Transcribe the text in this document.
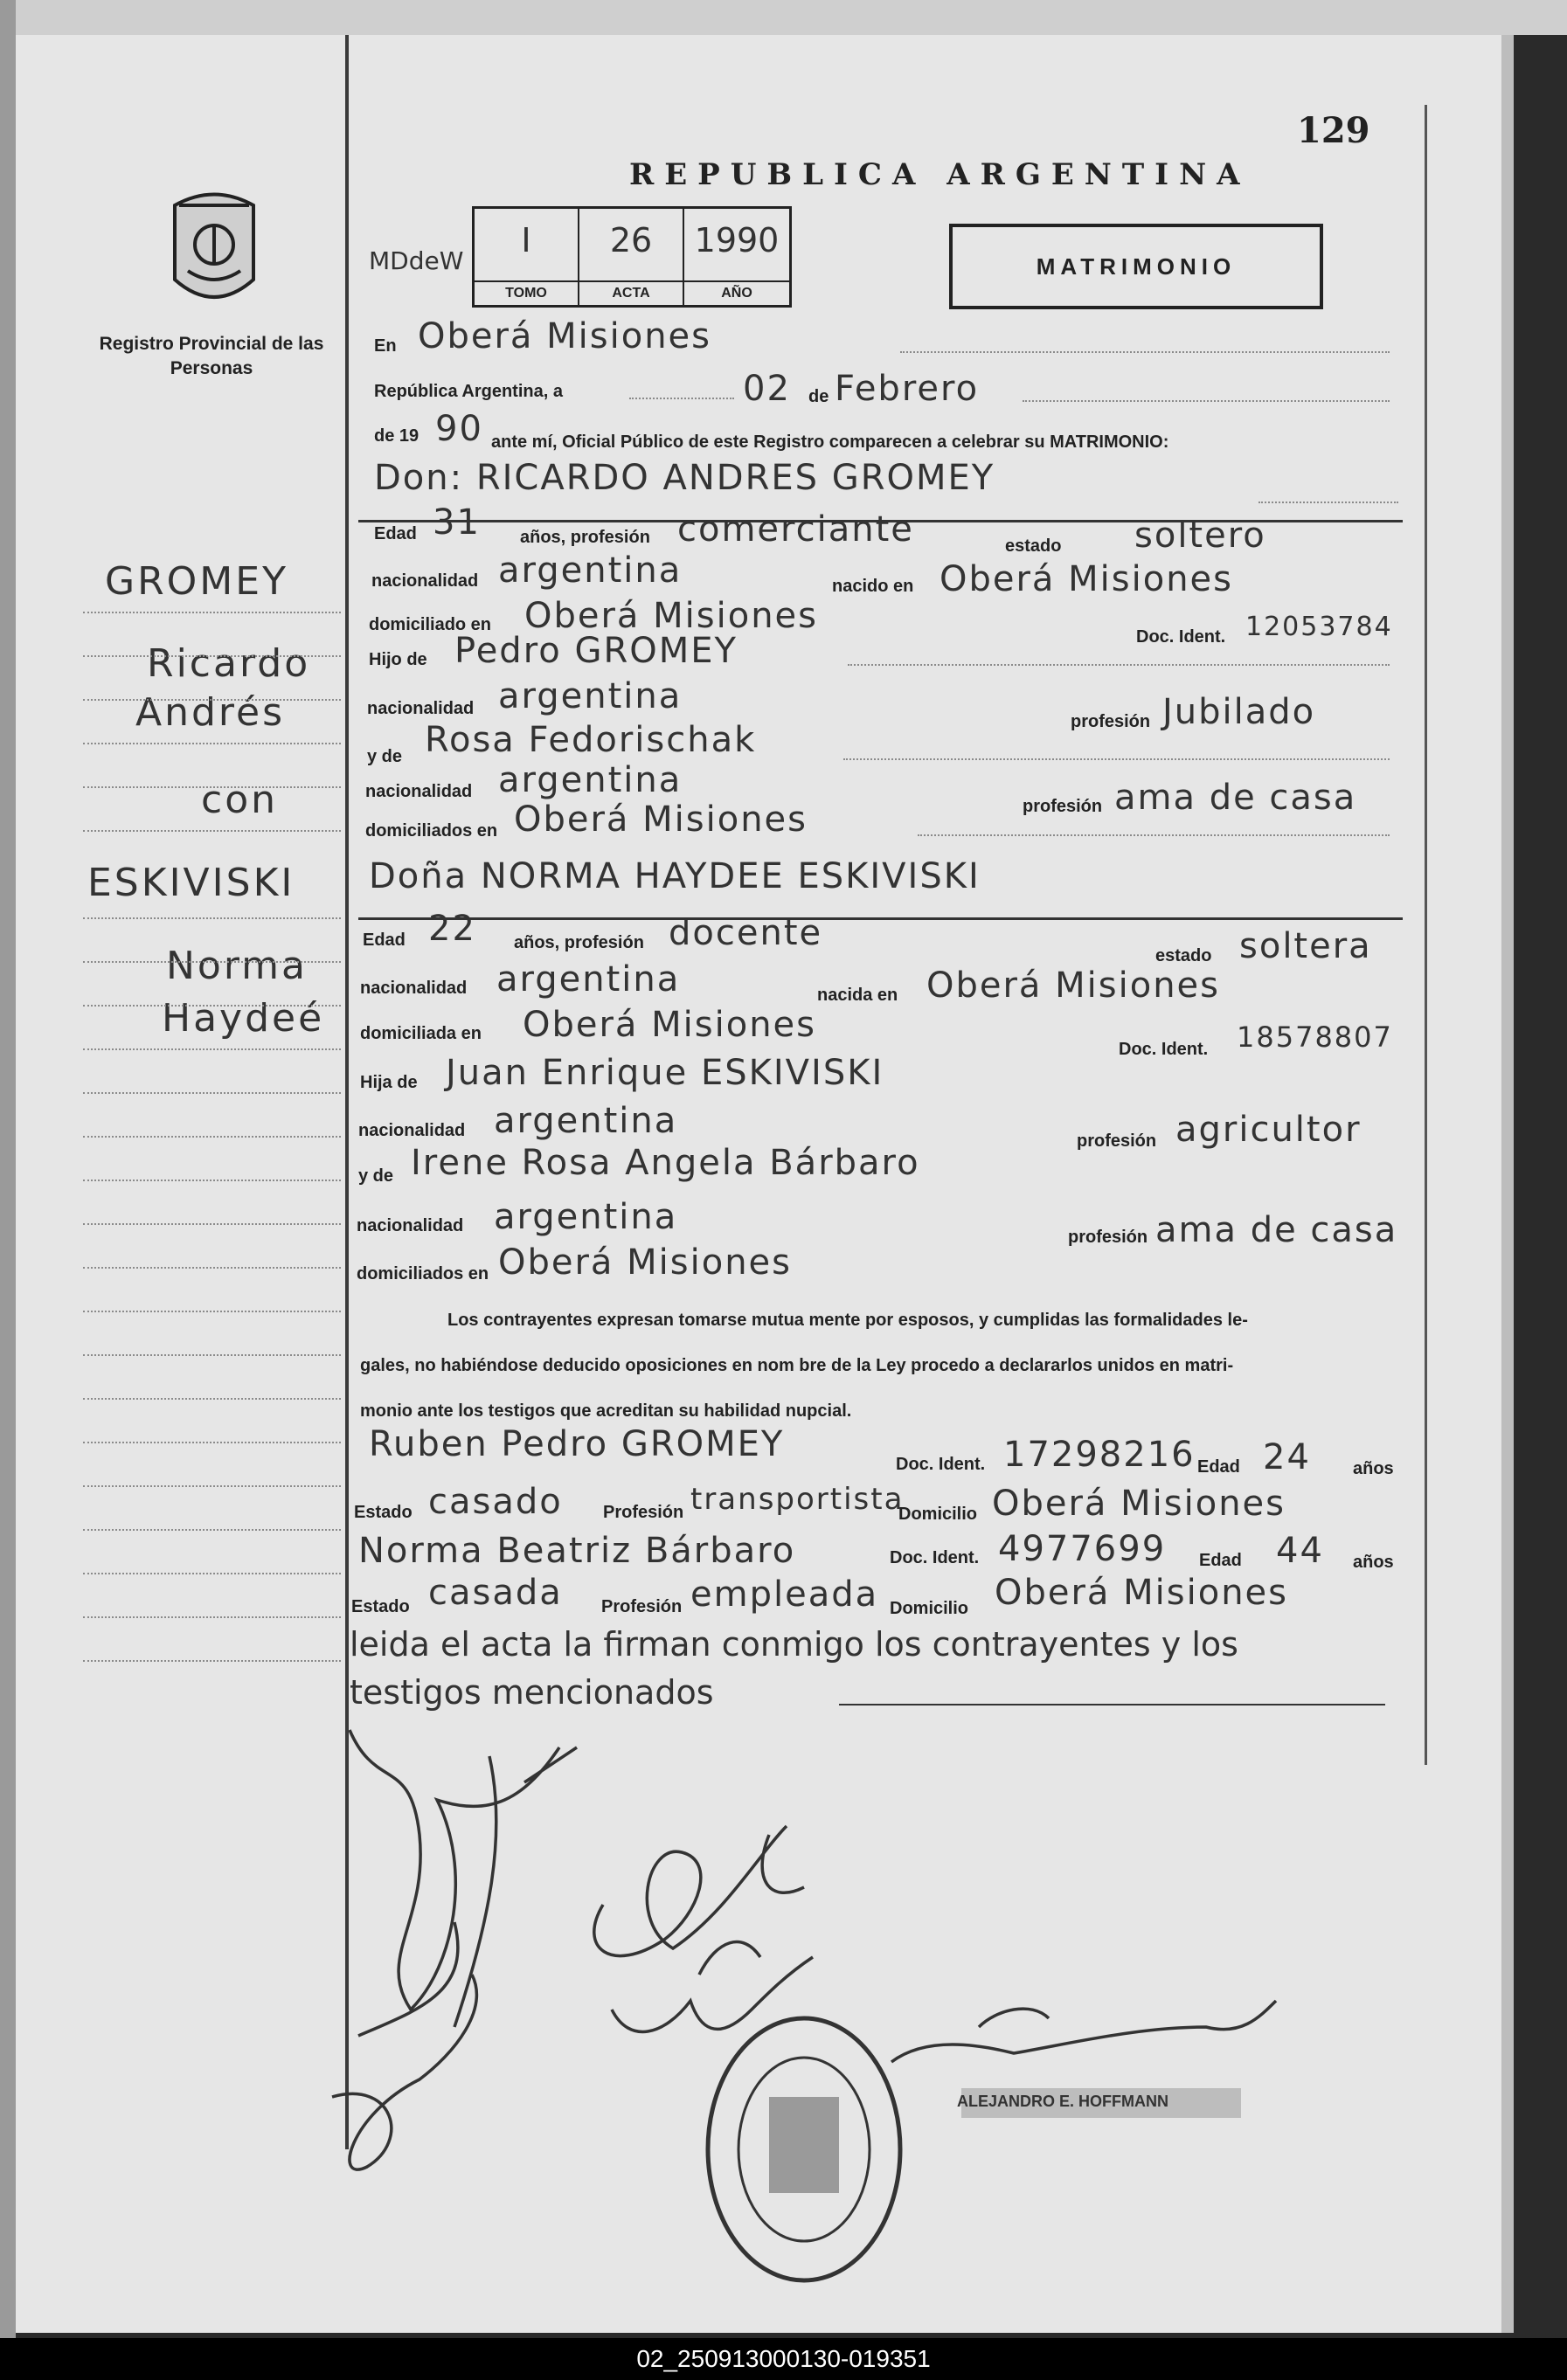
129
REPUBLICA ARGENTINA
Registro Provincial de las Personas
MDdeW
I
TOMO
26
ACTA
1990
AÑO
MATRIMONIO
GROMEY
Ricardo
Andrés
con
ESKIVISKI
Norma
Haydeé
En Oberá Misiones
República Argentina, a	02 de Febrero
de 19 90 ante mí, Oficial Público de este Registro comparecen a celebrar su MATRIMONIO:
Don: RICARDO ANDRES GROMEY
Edad 31 años, profesión comerciante	estado soltero
nacionalidad argentina	nacido en Oberá Misiones
domiciliado en Oberá Misiones
Doc. Ident. 12053784
Hijo de Pedro GROMEY
nacionalidad argentina
profesión Jubilado
y de Rosa Fedorischak
nacionalidad argentina
profesión ama de casa
domiciliados en Oberá Misiones
Doña NORMA HAYDEE ESKIVISKI
Edad 22 años, profesión docente
estado soltera
nacionalidad argentina	nacida en Oberá Misiones
domiciliada en Oberá Misiones
Doc. Ident. 18578807
Hija de Juan Enrique ESKIVISKI
nacionalidad argentina	profesión agricultor
y de Irene Rosa Angela Bárbaro
nacionalidad argentina	profesión ama de casa
domiciliados en Oberá Misiones
Los contrayentes expresan tomarse mutua mente por esposos, y cumplidas las formalidades le-
gales, no habiéndose deducido oposiciones en nom bre de la Ley procedo a declararlos unidos en matri-
monio ante los testigos que acreditan su habilidad nupcial.
Ruben Pedro GROMEY	Doc. Ident. 17298216 Edad 24 años
Estado casado Profesión transportista
Domicilio Oberá Misiones
Norma Beatriz Bárbaro	Doc. Ident. 4977699 Edad 44 años
Estado casada Profesión empleada Domicilio Oberá Misiones
leida el acta la firman conmigo los contrayentes y los
testigos mencionados
ALEJANDRO E. HOFFMANN
02_250913000130-019351
